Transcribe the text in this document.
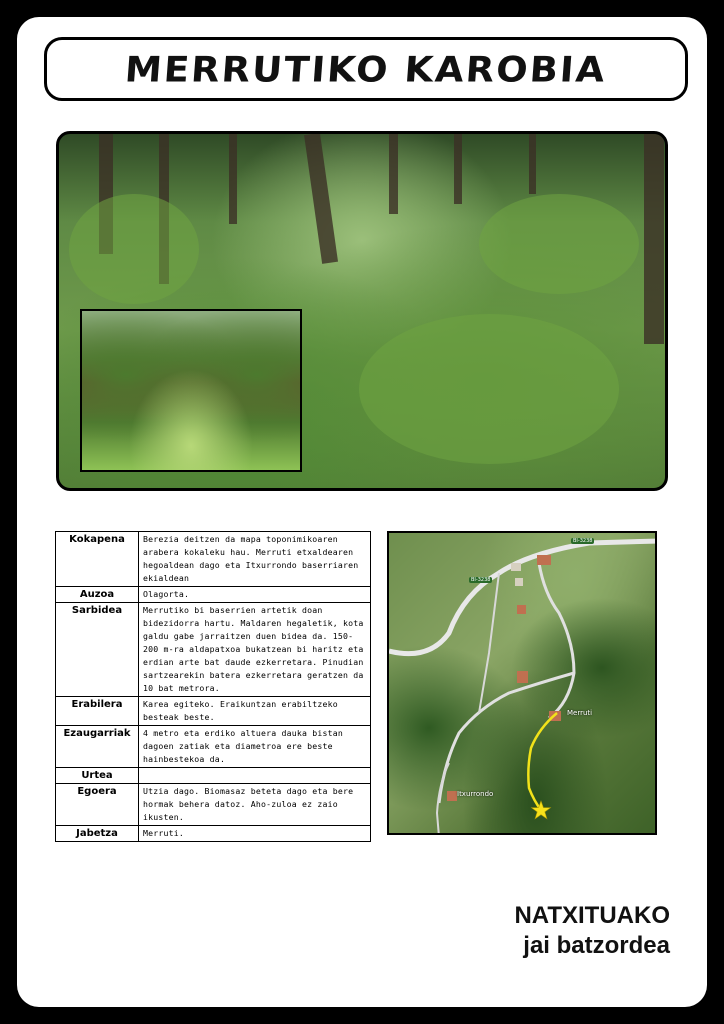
MERRUTIKO KAROBIA
Kokapena	Berezia deitzen da mapa toponimikoaren arabera kokaleku hau. Merruti etxaldearen hegoaldean dago eta Itxurrondo baserriaren ekialdean
Auzoa	Olagorta.
Sarbidea	Merrutiko bi baserrien artetik doan bidezidorra hartu. Maldaren hegaletik, kota galdu gabe jarraitzen duen bidea da. 150-200 m-ra aldapatxoa bukatzean bi haritz eta erdian arte bat daude ezkerretara. Pinudian sartzearekin batera ezkerretara geratzen da 10 bat metrora.
Erabilera	Karea egiteko. Eraikuntzan erabiltzeko besteak beste.
Ezaugarriak	4 metro eta erdiko altuera dauka bistan dagoen zatiak eta diametroa ere beste hainbestekoa da.
Urtea	
Egoera	Utzia dago. Biomasaz beteta dago eta bere hormak behera datoz. Aho-zuloa ez zaio ikusten.
Jabetza	Merruti.
BI-3238
BI-3238
Merruti
Itxurrondo
NATXITUAKO
jai batzordea
